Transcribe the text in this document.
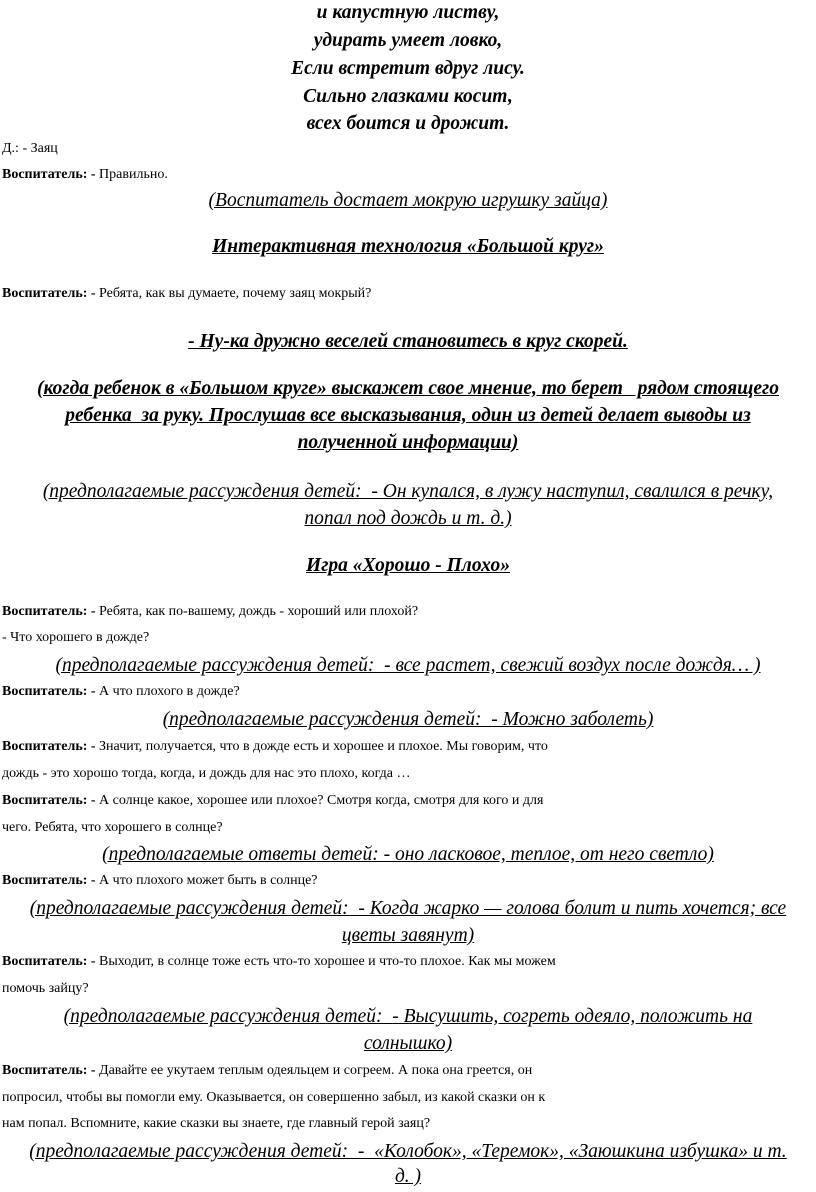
и капустную листву,
удирать умеет ловко,
Если встретит вдруг лису.
Сильно глазками косит,
всех боится и дрожит.
Д.: - Заяц
Воспитатель: - Правильно.
(Воспитатель достает мокрую игрушку зайца)
Интерактивная технология «Большой круг»
Воспитатель: - Ребята, как вы думаете, почему заяц мокрый?
- Ну-ка дружно веселей становитесь в круг скорей.
(когда ребенок в «Большом круге» выскажет свое мнение, то берет   рядом стоящего
ребенка  за руку. Прослушав все высказывания, один из детей делает выводы из
полученной информации)
(предполагаемые рассуждения детей:  - Он купался, в лужу наступил, свалился в речку,
попал под дождь и т. д.)
Игра «Хорошо - Плохо»
Воспитатель: - Ребята, как по-вашему, дождь - хороший или плохой?
- Что хорошего в дожде?
(предполагаемые рассуждения детей:  - все растет, свежий воздух после дождя… )
Воспитатель: - А что плохого в дожде?
(предполагаемые рассуждения детей:  - Можно заболеть)
Воспитатель: - Значит, получается, что в дожде есть и хорошее и плохое. Мы говорим, что
дождь - это хорошо тогда, когда, и дождь для нас это плохо, когда …
Воспитатель: - А солнце какое, хорошее или плохое? Смотря когда, смотря для кого и для
чего. Ребята, что хорошего в солнце?
(предполагаемые ответы детей: - оно ласковое, теплое, от него светло)
Воспитатель: - А что плохого может быть в солнце?
(предполагаемые рассуждения детей:  - Когда жарко — голова болит и пить хочется; все
цветы завянут)
Воспитатель: - Выходит, в солнце тоже есть что-то хорошее и что-то плохое. Как мы можем
помочь зайцу?
(предполагаемые рассуждения детей:  - Высушить, согреть одеяло, положить на
солнышко)
Воспитатель: - Давайте ее укутаем теплым одеяльцем и согреем. А пока она греется, он
попросил, чтобы вы помогли ему. Оказывается, он совершенно забыл, из какой сказки он к
нам попал. Вспомните, какие сказки вы знаете, где главный герой заяц?
(предполагаемые рассуждения детей:  -  «Колобок», «Теремок», «Заюшкина избушка» и т.
д. )
